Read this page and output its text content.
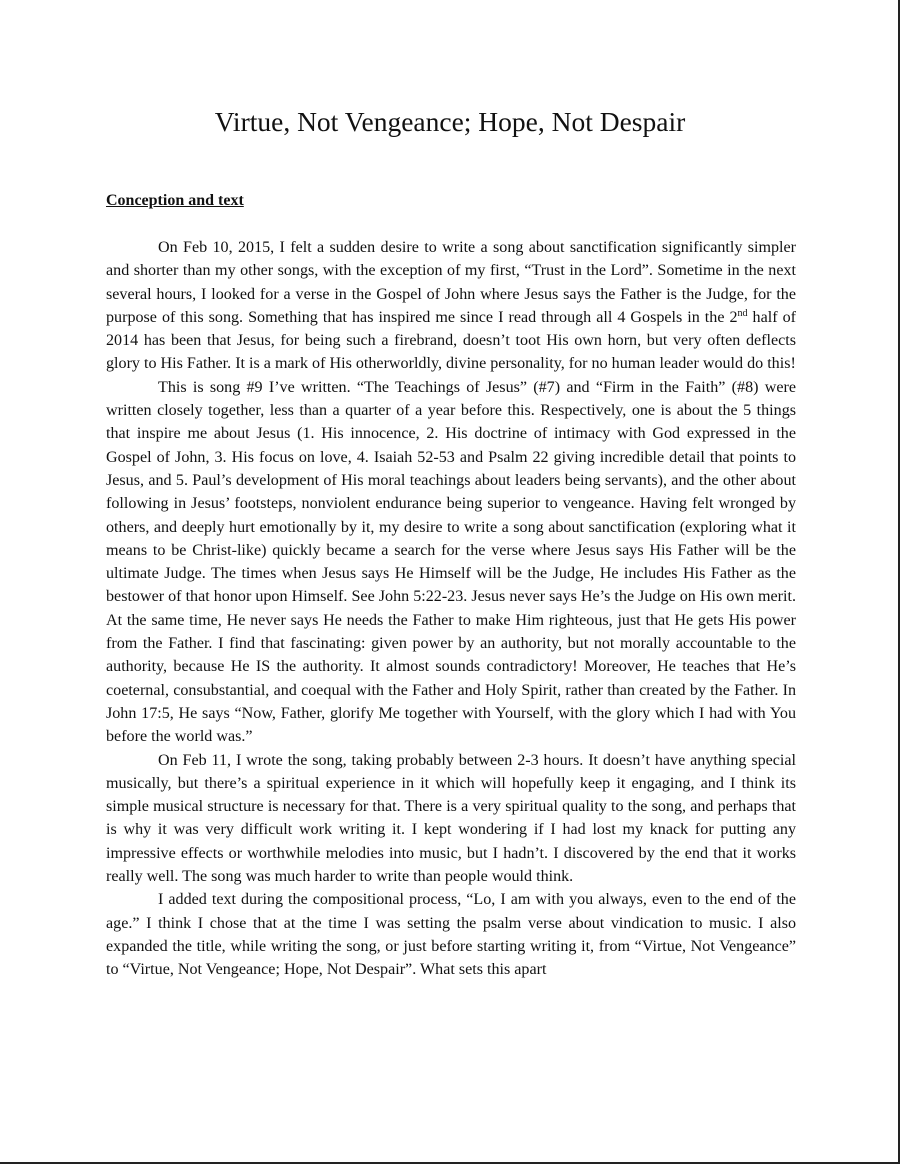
Virtue, Not Vengeance; Hope, Not Despair
Conception and text

On Feb 10, 2015, I felt a sudden desire to write a song about sanctification significantly simpler and shorter than my other songs, with the exception of my first, “Trust in the Lord”. Sometime in the next several hours, I looked for a verse in the Gospel of John where Jesus says the Father is the Judge, for the purpose of this song. Something that has inspired me since I read through all 4 Gospels in the 2nd half of 2014 has been that Jesus, for being such a firebrand, doesn’t toot His own horn, but very often deflects glory to His Father. It is a mark of His otherworldly, divine personality, for no human leader would do this!

This is song #9 I’ve written. “The Teachings of Jesus” (#7) and “Firm in the Faith” (#8) were written closely together, less than a quarter of a year before this. Respectively, one is about the 5 things that inspire me about Jesus (1. His innocence, 2. His doctrine of intimacy with God expressed in the Gospel of John, 3. His focus on love, 4. Isaiah 52-53 and Psalm 22 giving incredible detail that points to Jesus, and 5. Paul’s development of His moral teachings about leaders being servants), and the other about following in Jesus’ footsteps, nonviolent endurance being superior to vengeance. Having felt wronged by others, and deeply hurt emotionally by it, my desire to write a song about sanctification (exploring what it means to be Christ-like) quickly became a search for the verse where Jesus says His Father will be the ultimate Judge. The times when Jesus says He Himself will be the Judge, He includes His Father as the bestower of that honor upon Himself. See John 5:22-23. Jesus never says He’s the Judge on His own merit. At the same time, He never says He needs the Father to make Him righteous, just that He gets His power from the Father. I find that fascinating: given power by an authority, but not morally accountable to the authority, because He IS the authority. It almost sounds contradictory! Moreover, He teaches that He’s coeternal, consubstantial, and coequal with the Father and Holy Spirit, rather than created by the Father. In John 17:5, He says “Now, Father, glorify Me together with Yourself, with the glory which I had with You before the world was.”

On Feb 11, I wrote the song, taking probably between 2-3 hours. It doesn’t have anything special musically, but there’s a spiritual experience in it which will hopefully keep it engaging, and I think its simple musical structure is necessary for that. There is a very spiritual quality to the song, and perhaps that is why it was very difficult work writing it. I kept wondering if I had lost my knack for putting any impressive effects or worthwhile melodies into music, but I hadn’t. I discovered by the end that it works really well. The song was much harder to write than people would think.

I added text during the compositional process, “Lo, I am with you always, even to the end of the age.” I think I chose that at the time I was setting the psalm verse about vindication to music. I also expanded the title, while writing the song, or just before starting writing it, from “Virtue, Not Vengeance” to “Virtue, Not Vengeance; Hope, Not Despair”. What sets this apart
